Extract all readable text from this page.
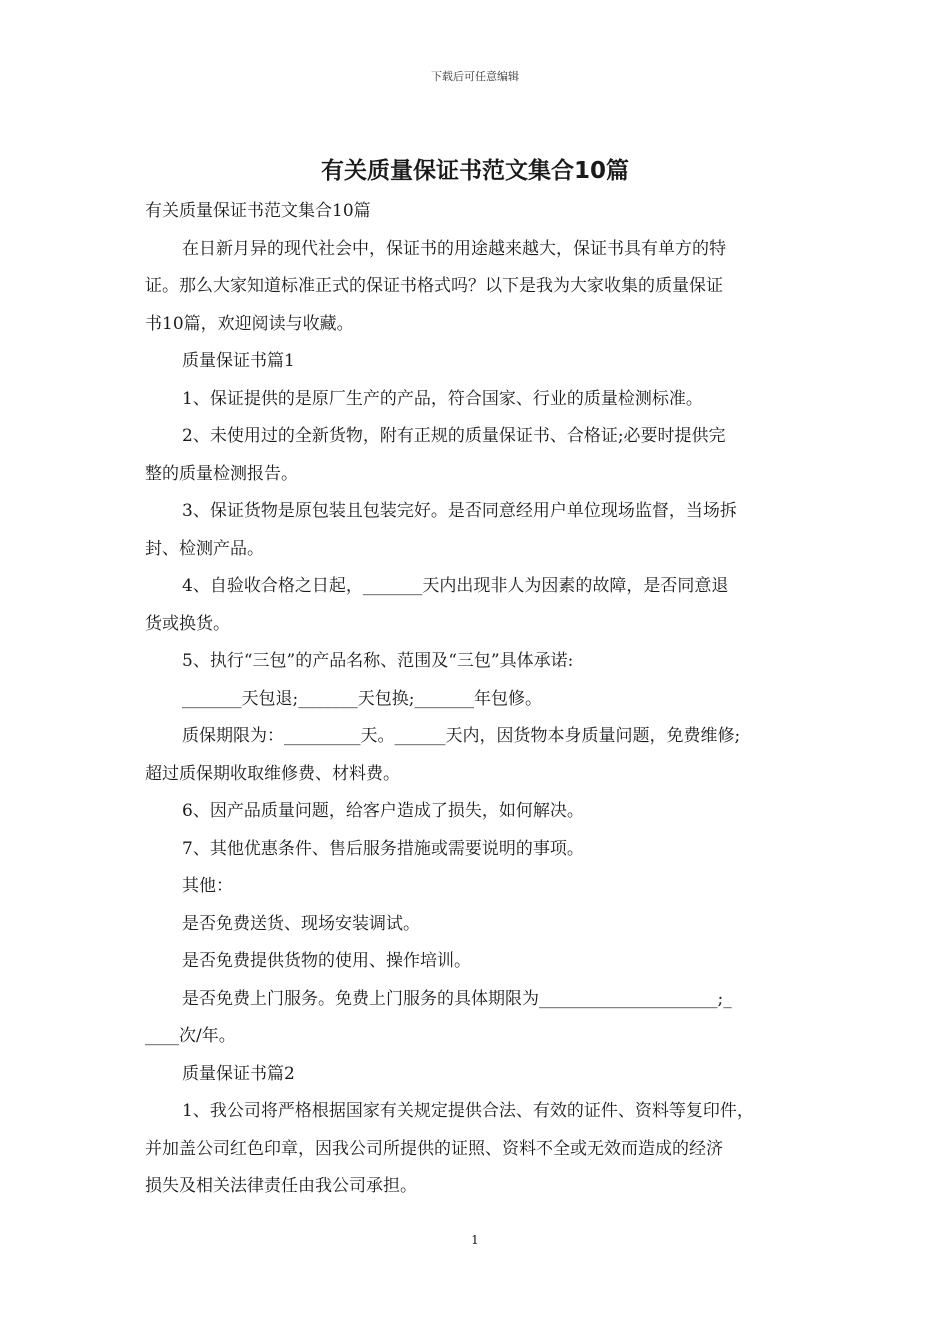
下载后可任意编辑
有关质量保证书范文集合10篇
有关质量保证书范文集合10篇
在日新月异的现代社会中，保证书的用途越来越大，保证书具有单方的特
证。那么大家知道标准正式的保证书格式吗？以下是我为大家收集的质量保证
书10篇，欢迎阅读与收藏。
质量保证书篇1
1、保证提供的是原厂生产的产品，符合国家、行业的质量检测标准。
2、未使用过的全新货物，附有正规的质量保证书、合格证;必要时提供完
整的质量检测报告。
3、保证货物是原包装且包装完好。是否同意经用户单位现场监督，当场拆
封、检测产品。
4、自验收合格之日起，_______天内出现非人为因素的故障，是否同意退
货或换货。
5、执行“三包”的产品名称、范围及“三包”具体承诺:
_______天包退;_______天包换;_______年包修。
质保期限为：_________天。______天内，因货物本身质量问题，免费维修;
超过质保期收取维修费、材料费。
6、因产品质量问题，给客户造成了损失，如何解决。
7、其他优惠条件、售后服务措施或需要说明的事项。
其他：
是否免费送货、现场安装调试。
是否免费提供货物的使用、操作培训。
是否免费上门服务。免费上门服务的具体期限为_____________________;_
____次/年。
质量保证书篇2
1、我公司将严格根据国家有关规定提供合法、有效的证件、资料等复印件，
并加盖公司红色印章，因我公司所提供的证照、资料不全或无效而造成的经济
损失及相关法律责任由我公司承担。
1
